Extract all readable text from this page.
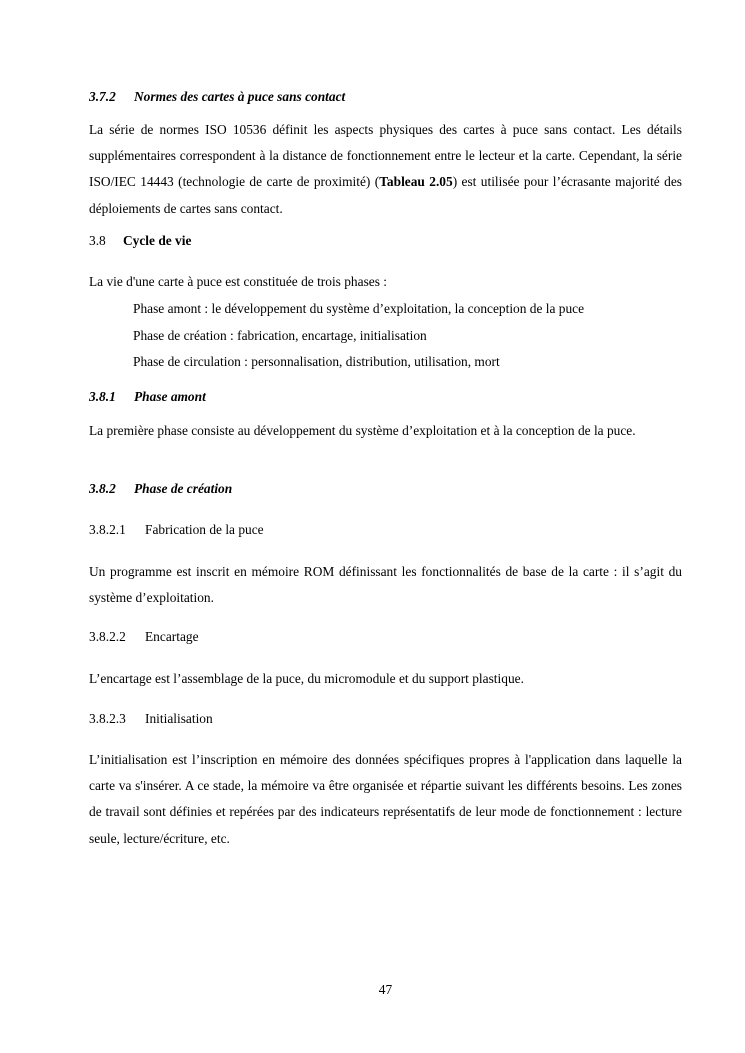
3.7.2 Normes des cartes à puce sans contact

La série de normes ISO 10536 définit les aspects physiques des cartes à puce sans contact. Les détails supplémentaires correspondent à la distance de fonctionnement entre le lecteur et la carte. Cependant, la série ISO/IEC 14443 (technologie de carte de proximité) (Tableau 2.05) est utilisée pour l’écrasante majorité des déploiements de cartes sans contact.

3.8 Cycle de vie

La vie d'une carte à puce est constituée de trois phases :

Phase amont : le développement du système d’exploitation, la conception de la puce
Phase de création : fabrication, encartage, initialisation
Phase de circulation : personnalisation, distribution, utilisation, mort
3.8.1 Phase amont

La première phase consiste au développement du système d’exploitation et à la conception de la puce.

3.8.2 Phase de création
3.8.2.1 Fabrication de la puce

Un programme est inscrit en mémoire ROM définissant les fonctionnalités de base de la carte : il s’agit du système d’exploitation.

3.8.2.2 Encartage

L’encartage est l’assemblage de la puce, du micromodule et du support plastique.

3.8.2.3 Initialisation

L’initialisation est l’inscription en mémoire des données spécifiques propres à l'application dans laquelle la carte va s'insérer. A ce stade, la mémoire va être organisée et répartie suivant les différents besoins. Les zones de travail sont définies et repérées par des indicateurs représentatifs de leur mode de fonctionnement : lecture seule, lecture/écriture, etc.

47
